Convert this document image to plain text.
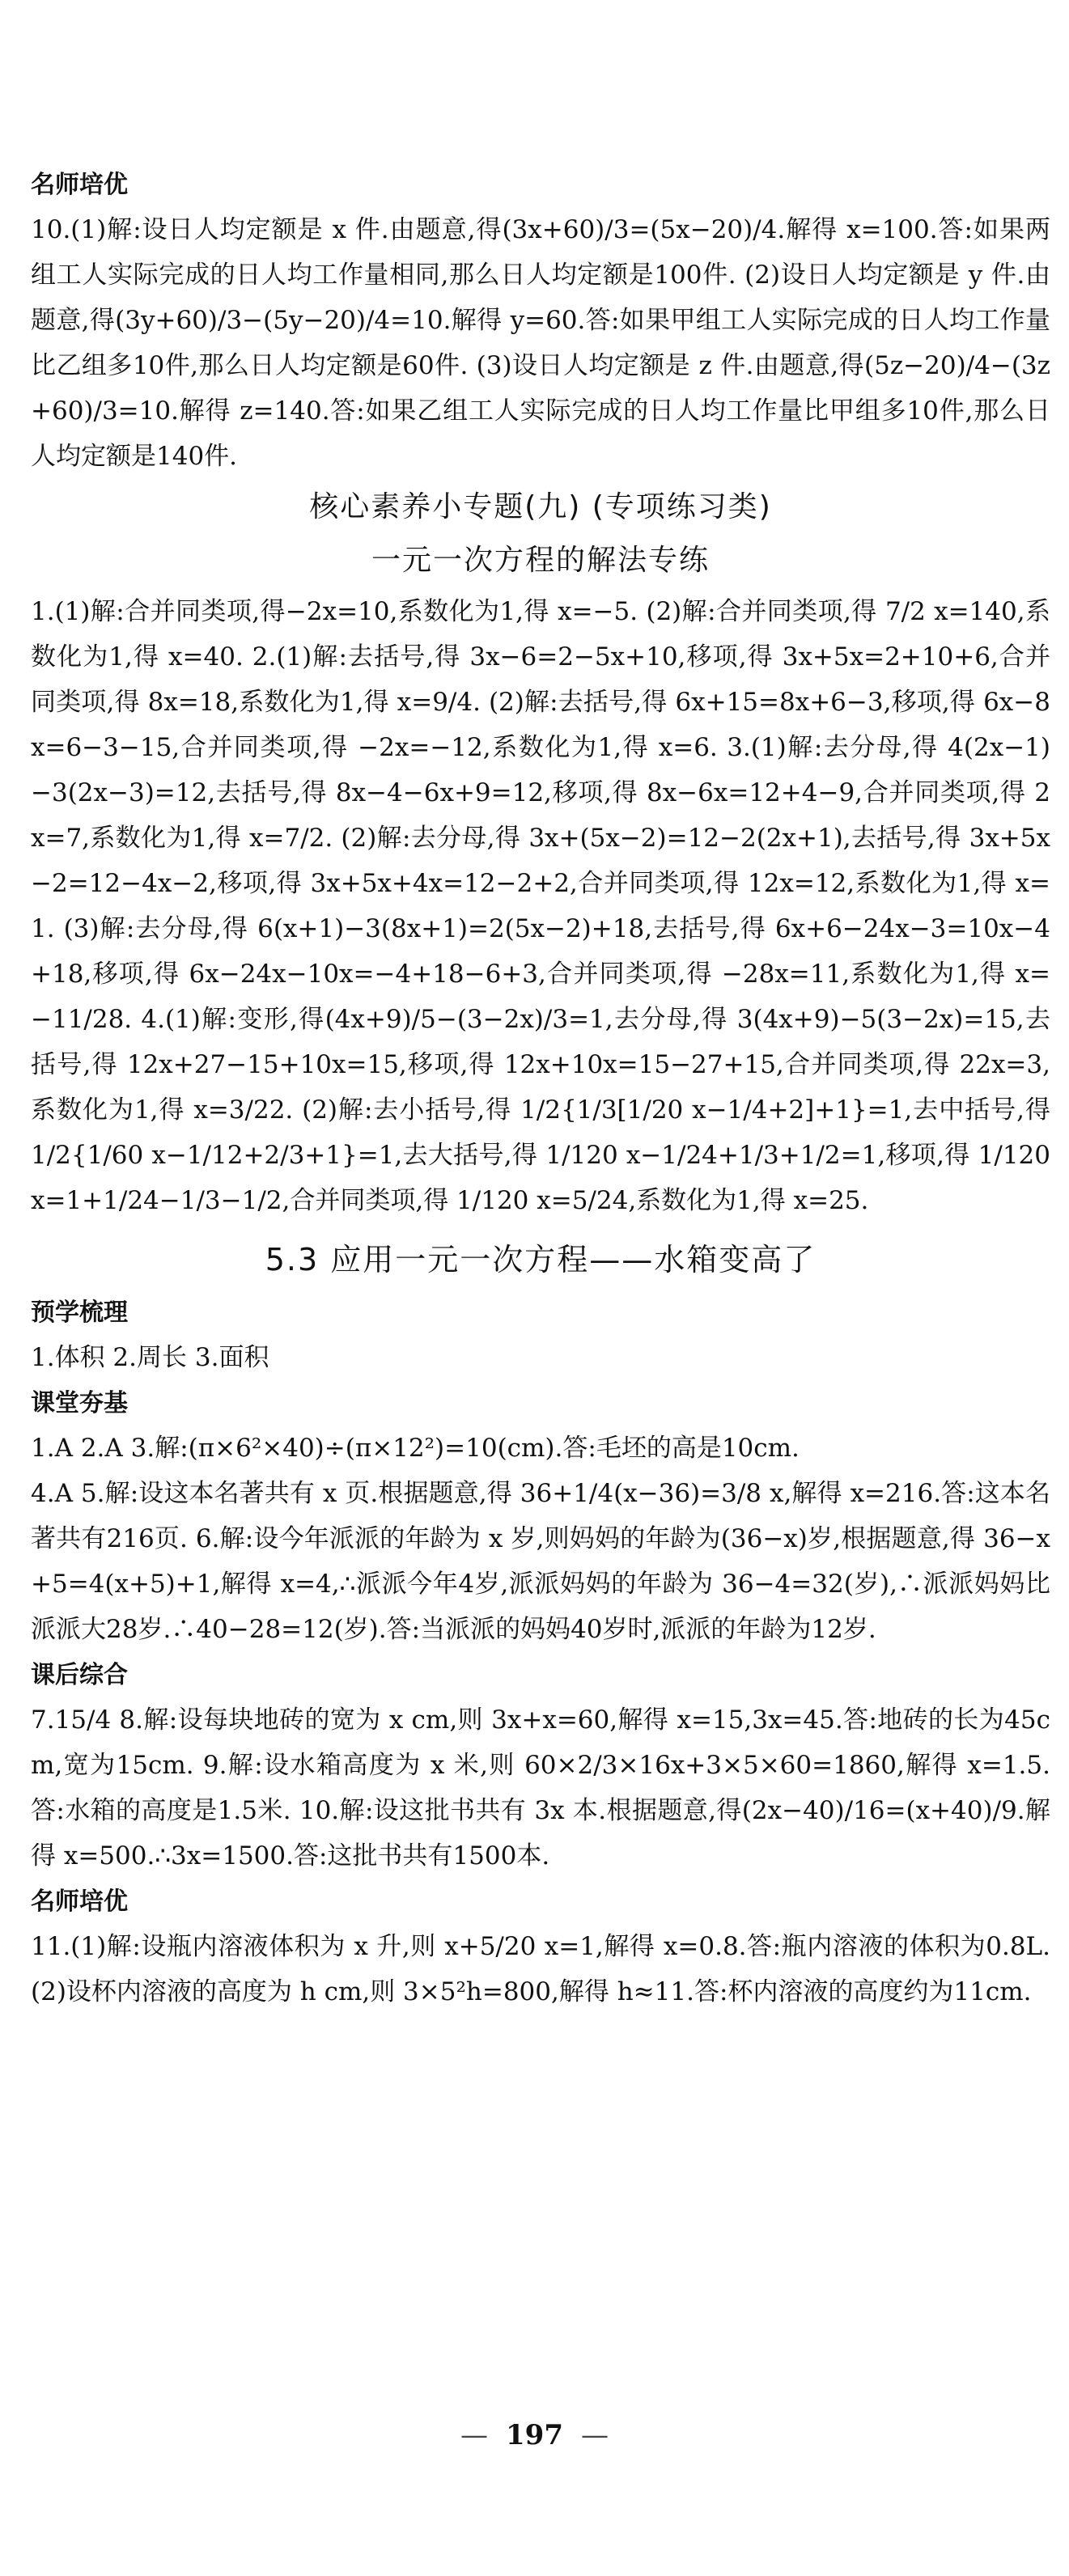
名师培优

10.(1)解:设日人均定额是 x 件.由题意,得(3x+60)/3=(5x−20)/4.解得 x=100.答:如果两组工人实际完成的日人均工作量相同,那么日人均定额是100件. (2)设日人均定额是 y 件.由题意,得(3y+60)/3−(5y−20)/4=10.解得 y=60.答:如果甲组工人实际完成的日人均工作量比乙组多10件,那么日人均定额是60件. (3)设日人均定额是 z 件.由题意,得(5z−20)/4−(3z+60)/3=10.解得 z=140.答:如果乙组工人实际完成的日人均工作量比甲组多10件,那么日人均定额是140件.

核心素养小专题(九) (专项练习类)
一元一次方程的解法专练

1.(1)解:合并同类项,得−2x=10,系数化为1,得 x=−5. (2)解:合并同类项,得 7/2 x=140,系数化为1,得 x=40. 2.(1)解:去括号,得 3x−6=2−5x+10,移项,得 3x+5x=2+10+6,合并同类项,得 8x=18,系数化为1,得 x=9/4. (2)解:去括号,得 6x+15=8x+6−3,移项,得 6x−8x=6−3−15,合并同类项,得 −2x=−12,系数化为1,得 x=6. 3.(1)解:去分母,得 4(2x−1)−3(2x−3)=12,去括号,得 8x−4−6x+9=12,移项,得 8x−6x=12+4−9,合并同类项,得 2x=7,系数化为1,得 x=7/2. (2)解:去分母,得 3x+(5x−2)=12−2(2x+1),去括号,得 3x+5x−2=12−4x−2,移项,得 3x+5x+4x=12−2+2,合并同类项,得 12x=12,系数化为1,得 x=1. (3)解:去分母,得 6(x+1)−3(8x+1)=2(5x−2)+18,去括号,得 6x+6−24x−3=10x−4+18,移项,得 6x−24x−10x=−4+18−6+3,合并同类项,得 −28x=11,系数化为1,得 x=−11/28. 4.(1)解:变形,得(4x+9)/5−(3−2x)/3=1,去分母,得 3(4x+9)−5(3−2x)=15,去括号,得 12x+27−15+10x=15,移项,得 12x+10x=15−27+15,合并同类项,得 22x=3,系数化为1,得 x=3/22. (2)解:去小括号,得 1/2{1/3[1/20 x−1/4+2]+1}=1,去中括号,得 1/2{1/60 x−1/12+2/3+1}=1,去大括号,得 1/120 x−1/24+1/3+1/2=1,移项,得 1/120 x=1+1/24−1/3−1/2,合并同类项,得 1/120 x=5/24,系数化为1,得 x=25.

5.3 应用一元一次方程——水箱变高了
预学梳理

1.体积 2.周长 3.面积

课堂夯基

1.A 2.A 3.解:(π×6²×40)÷(π×12²)=10(cm).答:毛坯的高是10cm.

4.A 5.解:设这本名著共有 x 页.根据题意,得 36+1/4(x−36)=3/8 x,解得 x=216.答:这本名著共有216页. 6.解:设今年派派的年龄为 x 岁,则妈妈的年龄为(36−x)岁,根据题意,得 36−x+5=4(x+5)+1,解得 x=4,∴派派今年4岁,派派妈妈的年龄为 36−4=32(岁),∴派派妈妈比派派大28岁.∴40−28=12(岁).答:当派派的妈妈40岁时,派派的年龄为12岁.

课后综合

7.15/4 8.解:设每块地砖的宽为 x cm,则 3x+x=60,解得 x=15,3x=45.答:地砖的长为45cm,宽为15cm. 9.解:设水箱高度为 x 米,则 60×2/3×16x+3×5×60=1860,解得 x=1.5.答:水箱的高度是1.5米. 10.解:设这批书共有 3x 本.根据题意,得(2x−40)/16=(x+40)/9.解得 x=500.∴3x=1500.答:这批书共有1500本.

名师培优

11.(1)解:设瓶内溶液体积为 x 升,则 x+5/20 x=1,解得 x=0.8.答:瓶内溶液的体积为0.8L. (2)设杯内溶液的高度为 h cm,则 3×5²h=800,解得 h≈11.答:杯内溶液的高度约为11cm.

— 197 —
